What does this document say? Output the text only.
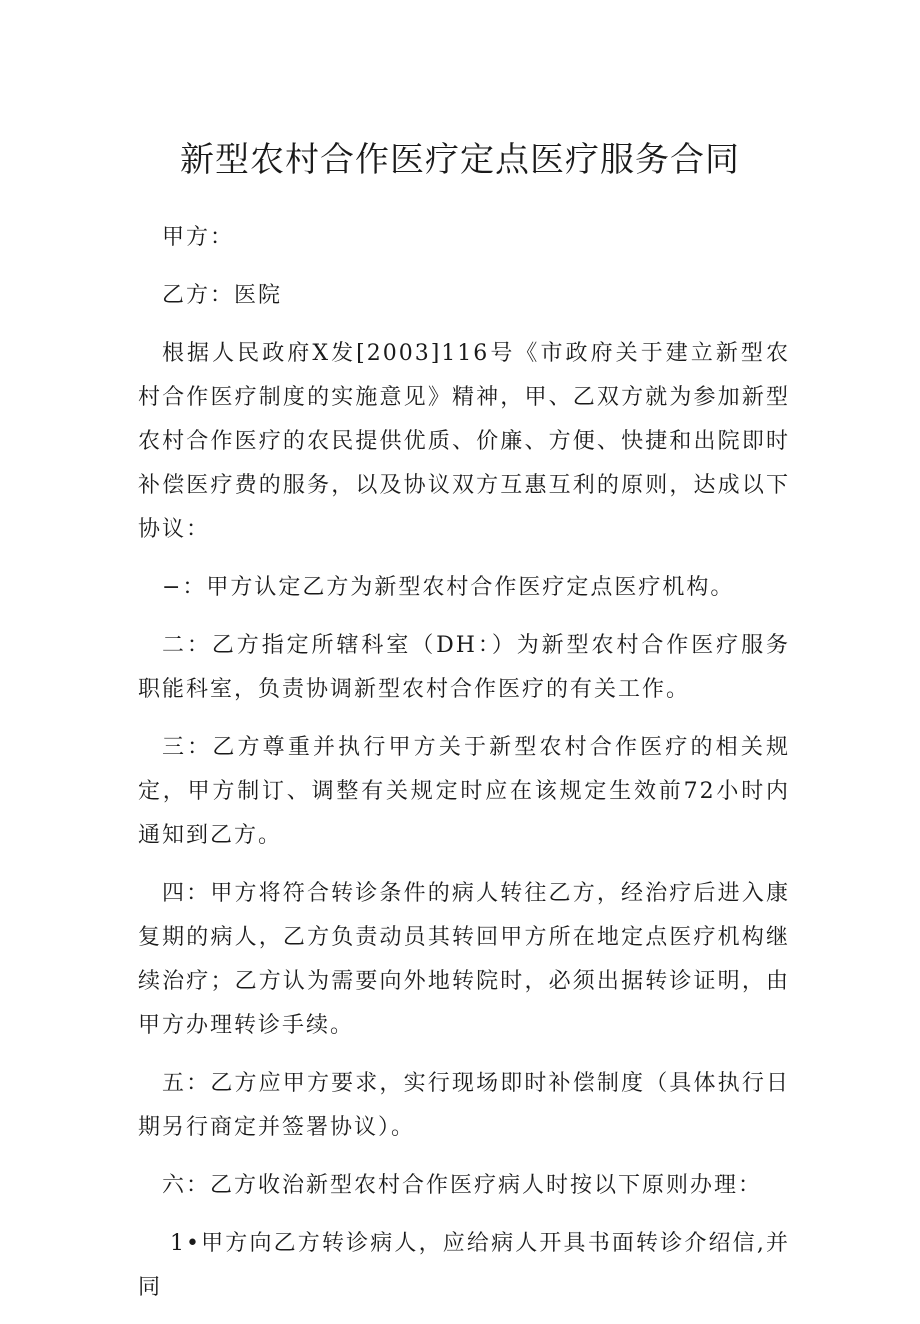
新型农村合作医疗定点医疗服务合同

甲方：

乙方：医院

根据人民政府X发[2003]116号《市政府关于建立新型农村合作医疗制度的实施意见》精神，甲、乙双方就为参加新型农村合作医疗的农民提供优质、价廉、方便、快捷和出院即时补偿医疗费的服务，以及协议双方互惠互利的原则，达成以下协议：

−：甲方认定乙方为新型农村合作医疗定点医疗机构。

二：乙方指定所辖科室（DH：）为新型农村合作医疗服务职能科室，负责协调新型农村合作医疗的有关工作。

三：乙方尊重并执行甲方关于新型农村合作医疗的相关规定，甲方制订、调整有关规定时应在该规定生效前72小时内通知到乙方。

四：甲方将符合转诊条件的病人转往乙方，经治疗后进入康复期的病人，乙方负责动员其转回甲方所在地定点医疗机构继续治疗；乙方认为需要向外地转院时，必须出据转诊证明，由甲方办理转诊手续。

五：乙方应甲方要求，实行现场即时补偿制度（具体执行日期另行商定并签署协议）。

六：乙方收治新型农村合作医疗病人时按以下原则办理：

1•甲方向乙方转诊病人，应给病人开具书面转诊介绍信,并同
